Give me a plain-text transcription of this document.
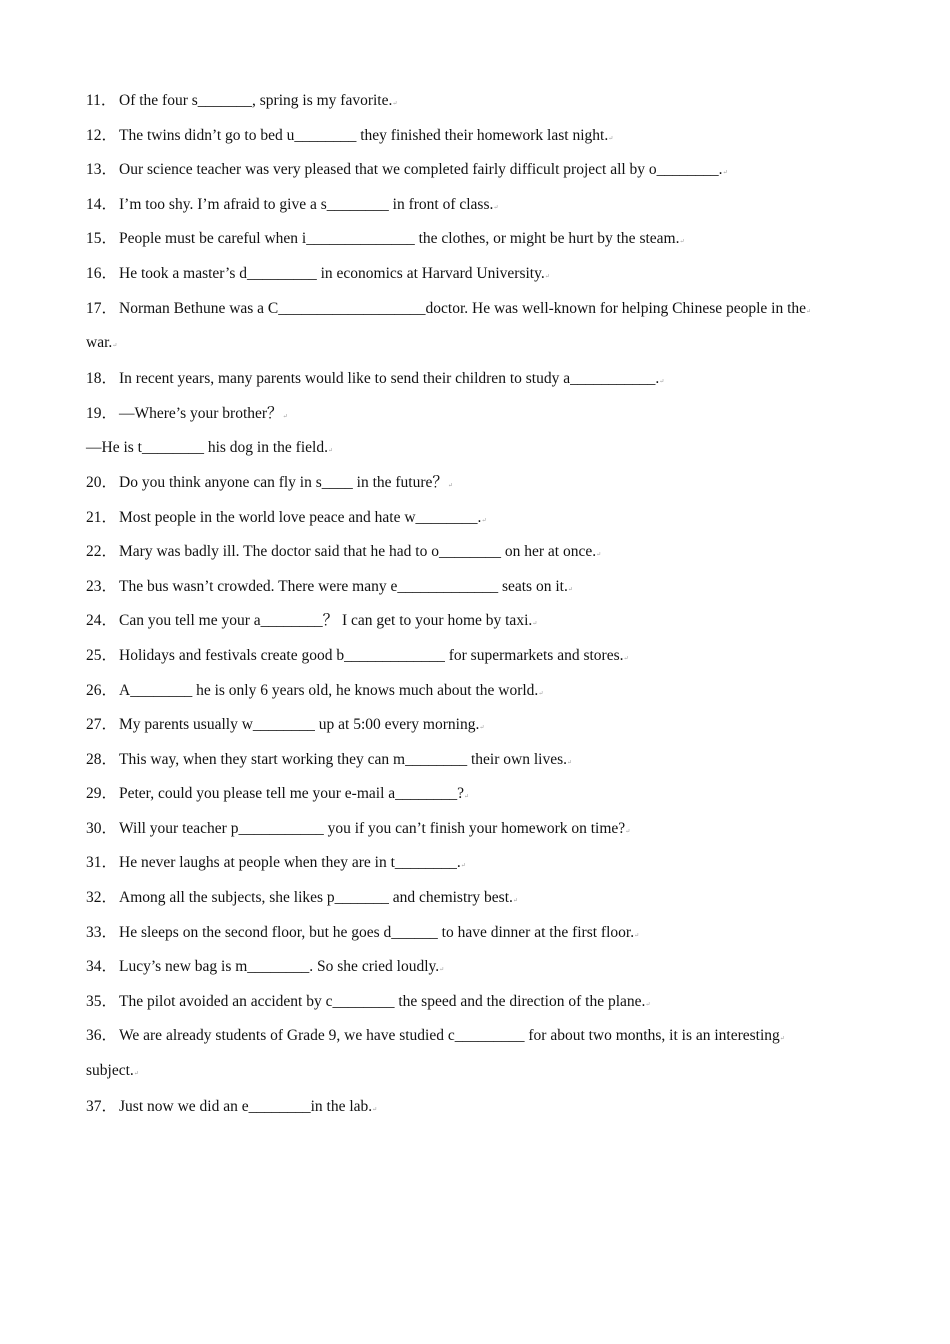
11． Of the four s_______, spring is my favorite.↵
12． The twins didn’t go to bed u________ they finished their homework last night.↵
13． Our science teacher was very pleased that we completed fairly difficult project all by o________.↵
14． I’m too shy. I’m afraid to give a s________ in front of class.↵
15． People must be careful when i______________ the clothes, or might be hurt by the steam.↵
16． He took a master’s d_________ in economics at Harvard University.↵
17． Norman Bethune was a C___________________doctor. He was well-known for helping Chinese people in the↵
war.↵
18． In recent years, many parents would like to send their children to study a___________.↵
19． —Where’s your brother？↵
—He is t________ his dog in the field.↵
20． Do you think anyone can fly in s____ in the future？↵
21． Most people in the world love peace and hate w________.↵
22． Mary was badly ill. The doctor said that he had to o________ on her at once.↵
23． The bus wasn’t crowded. There were many e_____________ seats on it.↵
24． Can you tell me your a________？ I can get to your home by taxi.↵
25． Holidays and festivals create good b_____________ for supermarkets and stores.↵
26． A________ he is only 6 years old, he knows much about the world.↵
27． My parents usually w________ up at 5:00 every morning.↵
28． This way, when they start working they can m________ their own lives.↵
29． Peter, could you please tell me your e-mail a________?↵
30． Will your teacher p___________ you if you can’t finish your homework on time?↵
31． He never laughs at people when they are in t________.↵
32． Among all the subjects, she likes p_______ and chemistry best.↵
33． He sleeps on the second floor, but he goes d______ to have dinner at the first floor.↵
34． Lucy’s new bag is m________. So she cried loudly.↵
35． The pilot avoided an accident by c________ the speed and the direction of the plane.↵
36． We are already students of Grade 9, we have studied c_________ for about two months, it is an interesting↵
subject.↵
37． Just now we did an e________in the lab.↵
